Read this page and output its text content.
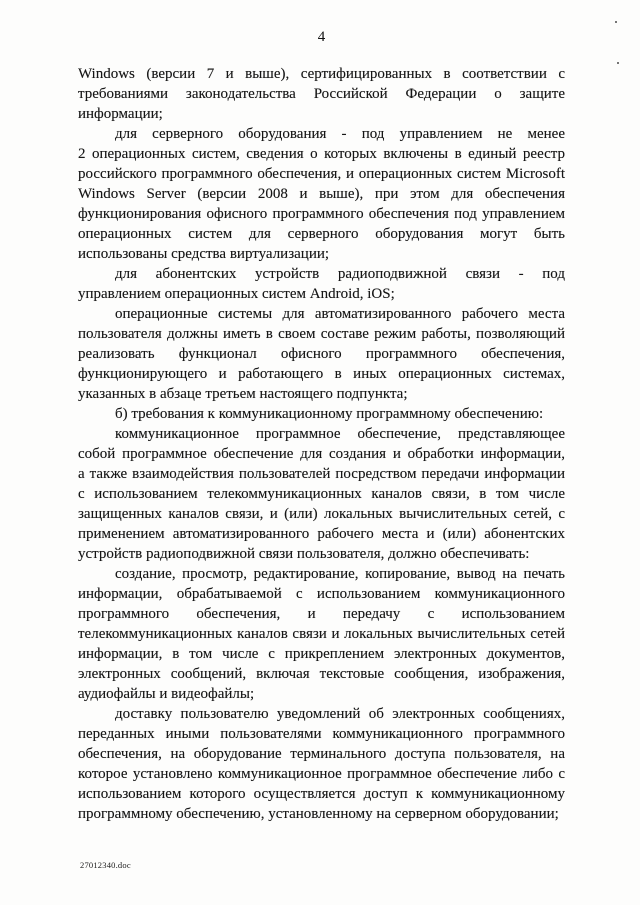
4
Windows (версии 7 и выше), сертифицированных в соответствии с
требованиями законодательства Российской Федерации о защите
информации;
для серверного оборудования - под управлением не менее
2 операционных систем, сведения о которых включены в единый реестр
российского программного обеспечения, и операционных систем Microsoft
Windows Server (версии 2008 и выше), при этом для обеспечения
функционирования офисного программного обеспечения под управлением
операционных систем для серверного оборудования могут быть
использованы средства виртуализации;
для абонентских устройств радиоподвижной связи - под
управлением операционных систем Android, iOS;
операционные системы для автоматизированного рабочего места
пользователя должны иметь в своем составе режим работы, позволяющий
реализовать функционал офисного программного обеспечения,
функционирующего и работающего в иных операционных системах,
указанных в абзаце третьем настоящего подпункта;
б) требования к коммуникационному программному обеспечению:
коммуникационное программное обеспечение, представляющее
собой программное обеспечение для создания и обработки информации,
а также взаимодействия пользователей посредством передачи информации
с использованием телекоммуникационных каналов связи, в том числе
защищенных каналов связи, и (или) локальных вычислительных сетей, с
применением автоматизированного рабочего места и (или) абонентских
устройств радиоподвижной связи пользователя, должно обеспечивать:
создание, просмотр, редактирование, копирование, вывод на печать
информации, обрабатываемой с использованием коммуникационного
программного обеспечения, и передачу с использованием
телекоммуникационных каналов связи и локальных вычислительных сетей
информации, в том числе с прикреплением электронных документов,
электронных сообщений, включая текстовые сообщения, изображения,
аудиофайлы и видеофайлы;
доставку пользователю уведомлений об электронных сообщениях,
переданных иными пользователями коммуникационного программного
обеспечения, на оборудование терминального доступа пользователя, на
которое установлено коммуникационное программное обеспечение либо с
использованием которого осуществляется доступ к коммуникационному
программному обеспечению, установленному на серверном оборудовании;
27012340.doc
